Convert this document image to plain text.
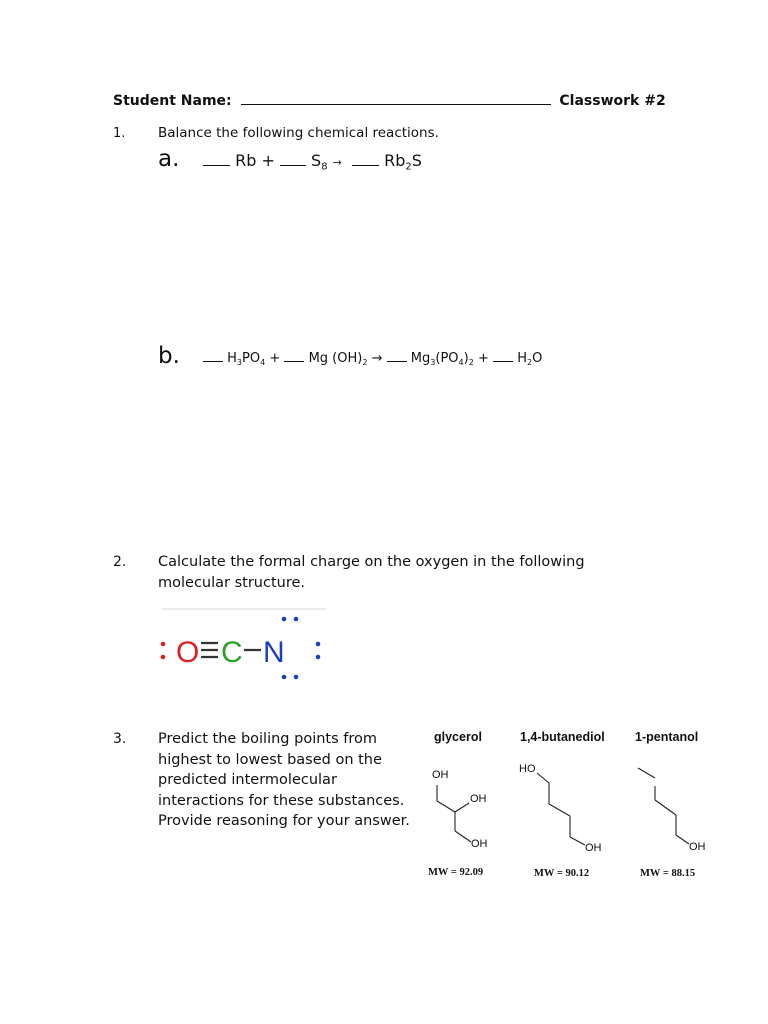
Student Name:	Classwork #2
1. Balance the following chemical reactions.
a.	$Rb + S_8$ →	$Rb_2S$
b.	$H_3PO_4 + Mg$ $(OH)_2 \to Mg_3(PO_4)_2 + H_2O$
2. Calculate the formal charge on the oxygen in the following
molecular structure.
O C N
3. Predict the boiling points from
highest to lowest based on the
predicted intermolecular
interactions for these substances.
Provide reasoning for your answer.
glycerol	1,4-butanediol 1-pentanol
OH
OH
OH
HO
OH	OH
MW = 92.09	MW = 90.12	MW = 88.15
